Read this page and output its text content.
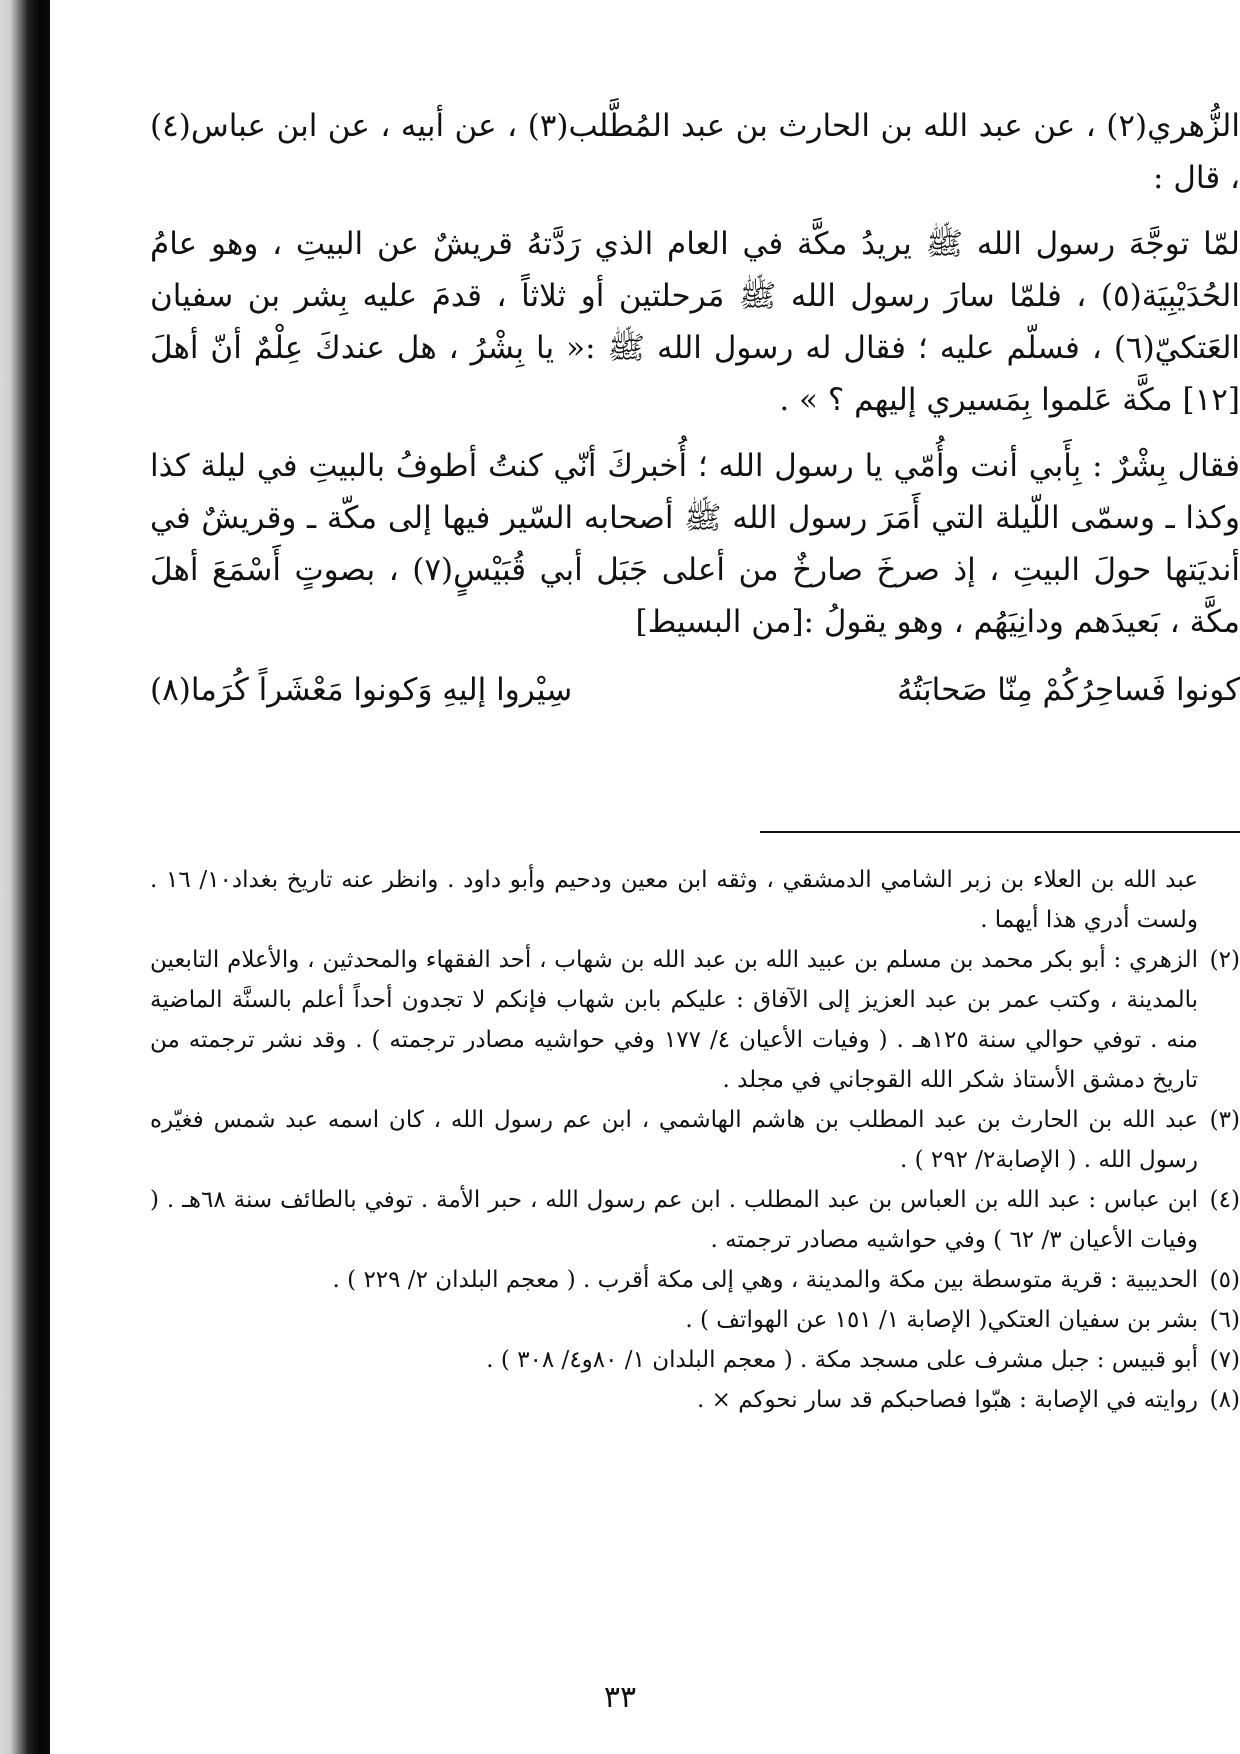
الزُّهري(٢) ، عن عبد الله بن الحارث بن عبد المُطَّلب(٣) ، عن أبيه ، عن ابن عباس(٤) ، قال :

لمّا توجَّهَ رسول الله ﷺ يريدُ مكَّة في العام الذي رَدَّتهُ قريشٌ عن البيتِ ، وهو عامُ الحُدَيْبِيَة(٥) ، فلمّا سارَ رسول الله ﷺ مَرحلتين أو ثلاثاً ، قدمَ عليه بِشر بن سفيان العَتكيّ(٦) ، فسلّم عليه ؛ فقال له رسول الله ﷺ :« يا بِشْرُ ، هل عندكَ عِلْمٌ أنّ أهلَ [١٢] مكَّة عَلموا بِمَسيري إليهم ؟ » .

فقال بِشْرٌ : بِأَبي أنت وأُمّي يا رسول الله ؛ أُخبركَ أنّي كنتُ أطوفُ بالبيتِ في ليلة كذا وكذا ـ وسمّى اللّيلة التي أَمَرَ رسول الله ﷺ أصحابه السّير فيها إلى مكّة ـ وقريشٌ في أنديَتها حولَ البيتِ ، إذ صرخَ صارخٌ من أعلى جَبَل أبي قُبَيْسٍ(٧) ، بصوتٍ أَسْمَعَ أهلَ مكَّة ، بَعيدَهم ودانِيَهُم ، وهو يقولُ :[من البسيط]

كونوا فَساحِرُكُمْ مِنّا صَحابَتُهُ
سِيْروا إليهِ وَكونوا مَعْشَراً كُرَما(٨)
عبد الله بن العلاء بن زبر الشامي الدمشقي ، وثقه ابن معين ودحيم وأبو داود . وانظر عنه تاريخ بغداد١٠/ ١٦ . ولست أدري هذا أيهما .
(٢)
الزهري : أبو بكر محمد بن مسلم بن عبيد الله بن عبد الله بن شهاب ، أحد الفقهاء والمحدثين ، والأعلام التابعين بالمدينة ، وكتب عمر بن عبد العزيز إلى الآفاق : عليكم بابن شهاب فإنكم لا تجدون أحداً أعلم بالسنَّة الماضية منه . توفي حوالي سنة ١٢٥هـ . ( وفيات الأعيان ٤/ ١٧٧ وفي حواشيه مصادر ترجمته ) . وقد نشر ترجمته من تاريخ دمشق الأستاذ شكر الله القوجاني في مجلد .
(٣)
عبد الله بن الحارث بن عبد المطلب بن هاشم الهاشمي ، ابن عم رسول الله ، كان اسمه عبد شمس فغيّره رسول الله . ( الإصابة٢/ ٢٩٢ ) .
(٤)
ابن عباس : عبد الله بن العباس بن عبد المطلب . ابن عم رسول الله ، حبر الأمة . توفي بالطائف سنة ٦٨هـ . ( وفيات الأعيان ٣/ ٦٢ ) وفي حواشيه مصادر ترجمته .
(٥)
الحديبية : قرية متوسطة بين مكة والمدينة ، وهي إلى مكة أقرب . ( معجم البلدان ٢/ ٢٢٩ ) .
(٦)
بشر بن سفيان العتكي( الإصابة ١/ ١٥١ عن الهواتف ) .
(٧)
أبو قبيس : جبل مشرف على مسجد مكة . ( معجم البلدان ١/ ٨٠و٤/ ٣٠٨ ) .
(٨)
روايته في الإصابة : هبّوا فصاحبكم قد سار نحوكم × .
٣٣
